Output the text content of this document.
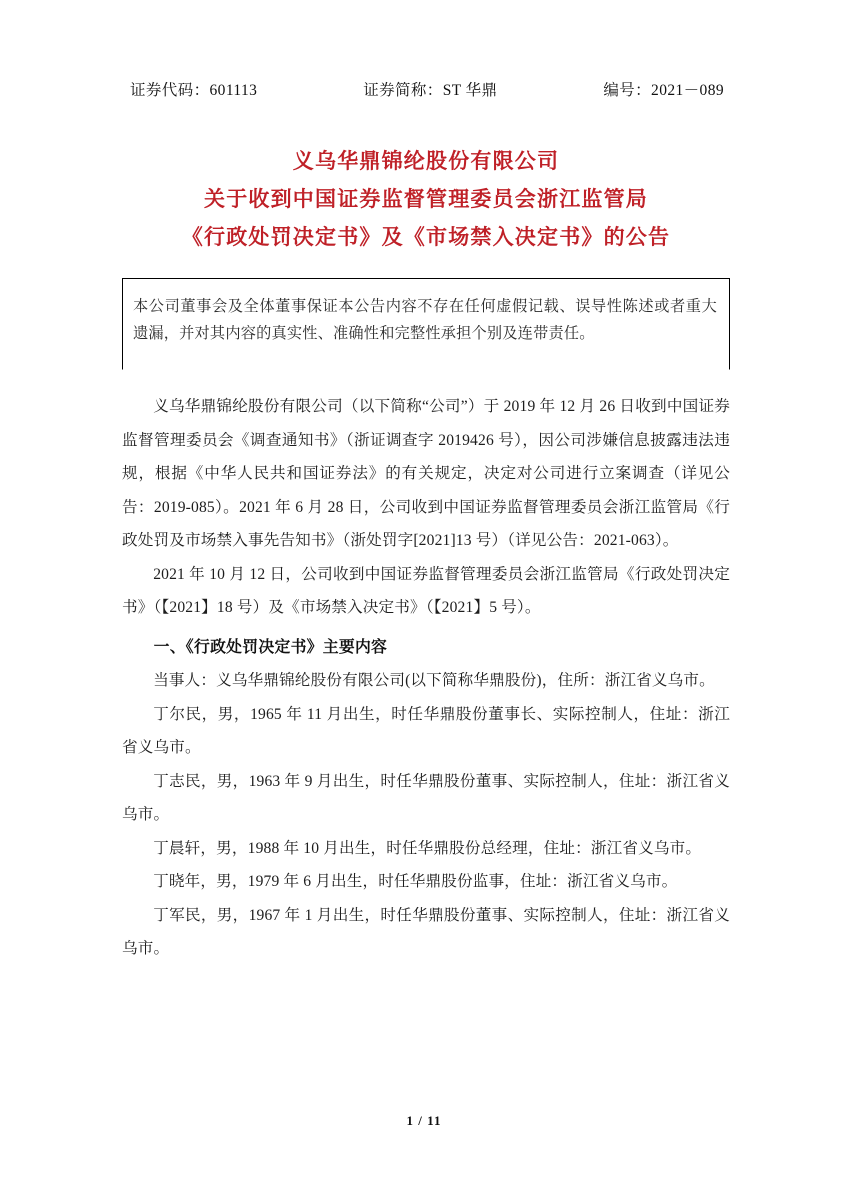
证券代码：601113	证券简称：ST 华鼎	编号：2021－089
义乌华鼎锦纶股份有限公司
关于收到中国证券监督管理委员会浙江监管局
《行政处罚决定书》及《市场禁入决定书》的公告
本公司董事会及全体董事保证本公告内容不存在任何虚假记载、误导性陈述或者重大遗漏，并对其内容的真实性、准确性和完整性承担个别及连带责任。

义乌华鼎锦纶股份有限公司（以下简称“公司”）于 2019 年 12 月 26 日收到中国证券监督管理委员会《调查通知书》（浙证调查字 2019426 号），因公司涉嫌信息披露违法违规，根据《中华人民共和国证券法》的有关规定，决定对公司进行立案调查（详见公告：2019-085）。2021 年 6 月 28 日，公司收到中国证券监督管理委员会浙江监管局《行政处罚及市场禁入事先告知书》（浙处罚字[2021]13 号）（详见公告：2021-063）。

2021 年 10 月 12 日，公司收到中国证券监督管理委员会浙江监管局《行政处罚决定书》（【2021】18 号）及《市场禁入决定书》（【2021】5 号）。

一、《行政处罚决定书》主要内容

当事人：义乌华鼎锦纶股份有限公司(以下简称华鼎股份)，住所：浙江省义乌市。

丁尔民，男，1965 年 11 月出生，时任华鼎股份董事长、实际控制人，住址：浙江省义乌市。

丁志民，男，1963 年 9 月出生，时任华鼎股份董事、实际控制人，住址：浙江省义乌市。

丁晨轩，男，1988 年 10 月出生，时任华鼎股份总经理，住址：浙江省义乌市。

丁晓年，男，1979 年 6 月出生，时任华鼎股份监事，住址：浙江省义乌市。

丁军民，男，1967 年 1 月出生，时任华鼎股份董事、实际控制人，住址：浙江省义乌市。

1 / 11
